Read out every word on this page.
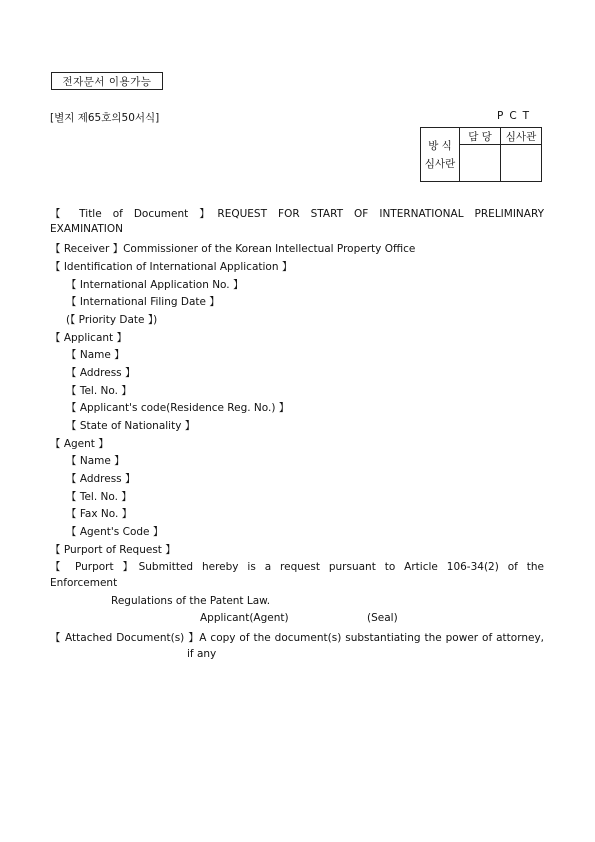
전자문서 이용가능
[별지 제65호의50서식]	PCT
방 식
심사란	담 당	심사관

【 Title of Document 】REQUEST FOR START OF INTERNATIONAL PRELIMINARY
EXAMINATION
【 Receiver 】Commissioner of the Korean Intellectual Property Office
【 Identification of International Application 】
【 International Application No. 】
【 International Filing Date 】
(【 Priority Date 】)
【 Applicant 】
【 Name 】
【 Address 】
【 Tel. No. 】
【 Applicant's code(Residence Reg. No.) 】
【 State of Nationality 】
【 Agent 】
【 Name 】
【 Address 】
【 Tel. No. 】
【 Fax No. 】
【 Agent's Code 】
【 Purport of Request 】
【 Purport 】Submitted hereby is a request pursuant to Article 106-34(2) of the
Enforcement
Regulations of the Patent Law.
Applicant(Agent)	(Seal)
【 Attached Document(s) 】A copy of the document(s) substantiating the power of attorney,
if any
